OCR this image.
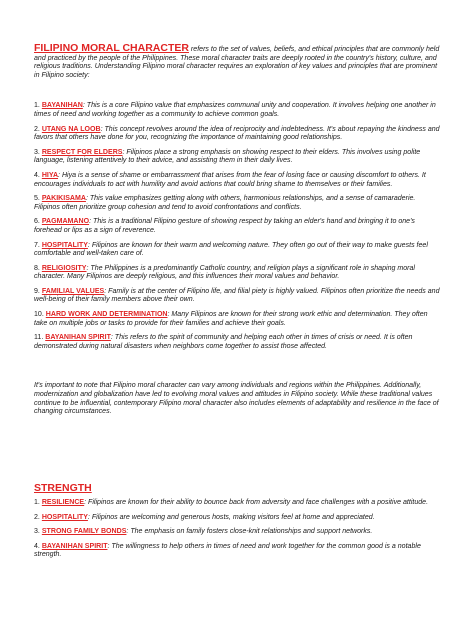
FILIPINO MORAL CHARACTER refers to the set of values, beliefs, and ethical principles that are commonly held and practiced by the people of the Philippines. These moral character traits are deeply rooted in the country's history, culture, and religious traditions. Understanding Filipino moral character requires an exploration of key values and principles that are prominent in Filipino society:

1. BAYANIHAN: This is a core Filipino value that emphasizes communal unity and cooperation. It involves helping one another in times of need and working together as a community to achieve common goals.

2. UTANG NA LOOB: This concept revolves around the idea of reciprocity and indebtedness. It's about repaying the kindness and favors that others have done for you, recognizing the importance of maintaining good relationships.

3. RESPECT FOR ELDERS: Filipinos place a strong emphasis on showing respect to their elders. This involves using polite language, listening attentively to their advice, and assisting them in their daily lives.

4. HIYA: Hiya is a sense of shame or embarrassment that arises from the fear of losing face or causing discomfort to others. It encourages individuals to act with humility and avoid actions that could bring shame to themselves or their families.

5. PAKIKISAMA: This value emphasizes getting along with others, harmonious relationships, and a sense of camaraderie. Filipinos often prioritize group cohesion and tend to avoid confrontations and conflicts.

6. PAGMAMANO: This is a traditional Filipino gesture of showing respect by taking an elder's hand and bringing it to one's forehead or lips as a sign of reverence.

7. HOSPITALITY: Filipinos are known for their warm and welcoming nature. They often go out of their way to make guests feel comfortable and well-taken care of.

8. RELIGIOSITY: The Philippines is a predominantly Catholic country, and religion plays a significant role in shaping moral character. Many Filipinos are deeply religious, and this influences their moral values and behavior.

9. FAMILIAL VALUES: Family is at the center of Filipino life, and filial piety is highly valued. Filipinos often prioritize the needs and well-being of their family members above their own.

10. HARD WORK AND DETERMINATION: Many Filipinos are known for their strong work ethic and determination. They often take on multiple jobs or tasks to provide for their families and achieve their goals.

11. BAYANIHAN SPIRIT: This refers to the spirit of community and helping each other in times of crisis or need. It is often demonstrated during natural disasters when neighbors come together to assist those affected.

It's important to note that Filipino moral character can vary among individuals and regions within the Philippines. Additionally, modernization and globalization have led to evolving moral values and attitudes in Filipino society. While these traditional values continue to be influential, contemporary Filipino moral character also includes elements of adaptability and resilience in the face of changing circumstances.

STRENGTH

1. RESILIENCE: Filipinos are known for their ability to bounce back from adversity and face challenges with a positive attitude.

2. HOSPITALITY: Filipinos are welcoming and generous hosts, making visitors feel at home and appreciated.

3. STRONG FAMILY BONDS: The emphasis on family fosters close-knit relationships and support networks.

4. BAYANIHAN SPIRIT: The willingness to help others in times of need and work together for the common good is a notable strength.
